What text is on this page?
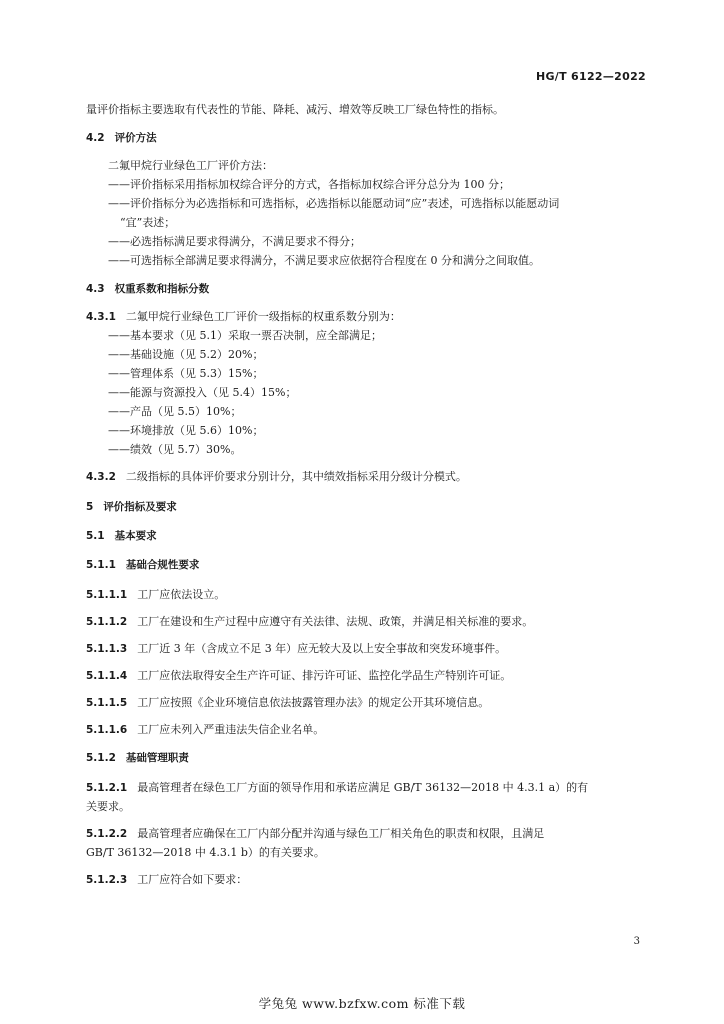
HG/T 6122—2022
量评价指标主要选取有代表性的节能、降耗、减污、增效等反映工厂绿色特性的指标。
4.2 评价方法
二氟甲烷行业绿色工厂评价方法：
——评价指标采用指标加权综合评分的方式，各指标加权综合评分总分为 100 分；
——评价指标分为必选指标和可选指标，必选指标以能愿动词“应”表述，可选指标以能愿动词
“宜”表述；
——必选指标满足要求得满分，不满足要求不得分；
——可选指标全部满足要求得满分，不满足要求应依据符合程度在 0 分和满分之间取值。
4.3 权重系数和指标分数
4.3.1 二氟甲烷行业绿色工厂评价一级指标的权重系数分别为：
——基本要求（见 5.1）采取一票否决制，应全部满足；
——基础设施（见 5.2）20%；
——管理体系（见 5.3）15%；
——能源与资源投入（见 5.4）15%；
——产品（见 5.5）10%；
——环境排放（见 5.6）10%；
——绩效（见 5.7）30%。
4.3.2 二级指标的具体评价要求分别计分，其中绩效指标采用分级计分模式。
5 评价指标及要求
5.1 基本要求
5.1.1 基础合规性要求
5.1.1.1 工厂应依法设立。
5.1.1.2 工厂在建设和生产过程中应遵守有关法律、法规、政策，并满足相关标准的要求。
5.1.1.3 工厂近 3 年（含成立不足 3 年）应无较大及以上安全事故和突发环境事件。
5.1.1.4 工厂应依法取得安全生产许可证、排污许可证、监控化学品生产特别许可证。
5.1.1.5 工厂应按照《企业环境信息依法披露管理办法》的规定公开其环境信息。
5.1.1.6 工厂应未列入严重违法失信企业名单。
5.1.2 基础管理职责
5.1.2.1 最高管理者在绿色工厂方面的领导作用和承诺应满足 GB/T 36132—2018 中 4.3.1 a）的有
关要求。
5.1.2.2 最高管理者应确保在工厂内部分配并沟通与绿色工厂相关角色的职责和权限，且满足
GB/T 36132—2018 中 4.3.1 b）的有关要求。
5.1.2.3 工厂应符合如下要求：
3
学兔兔 www.bzfxw.com 标准下载
